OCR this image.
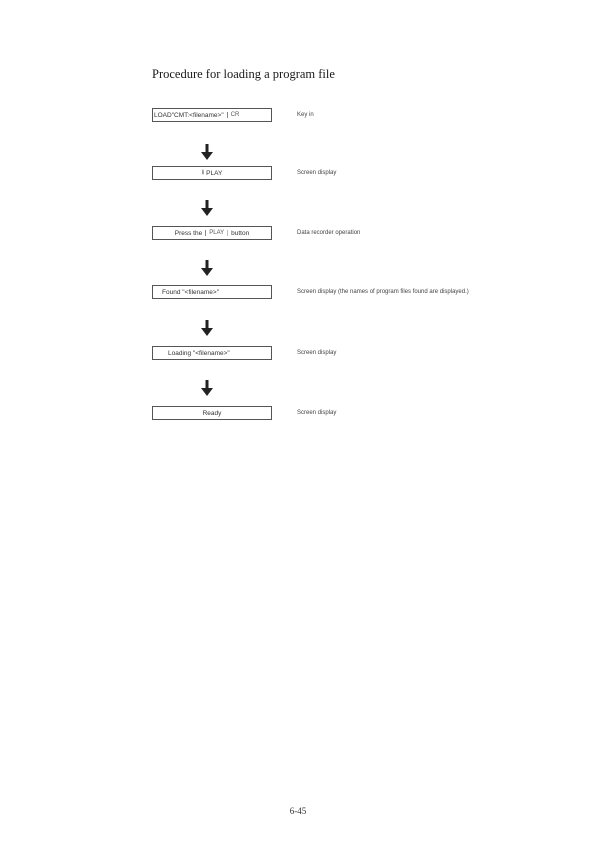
Procedure for loading a program file
LOAD"CMT:<filename>"	CR	Key in
⭳ PLAY	Screen display
Press the	PLAY	button	Data recorder operation
Found "<filename>"	Screen display (the names of program files found are displayed.)
Loading "<filename>"	Screen display
Ready	Screen display
6-45
